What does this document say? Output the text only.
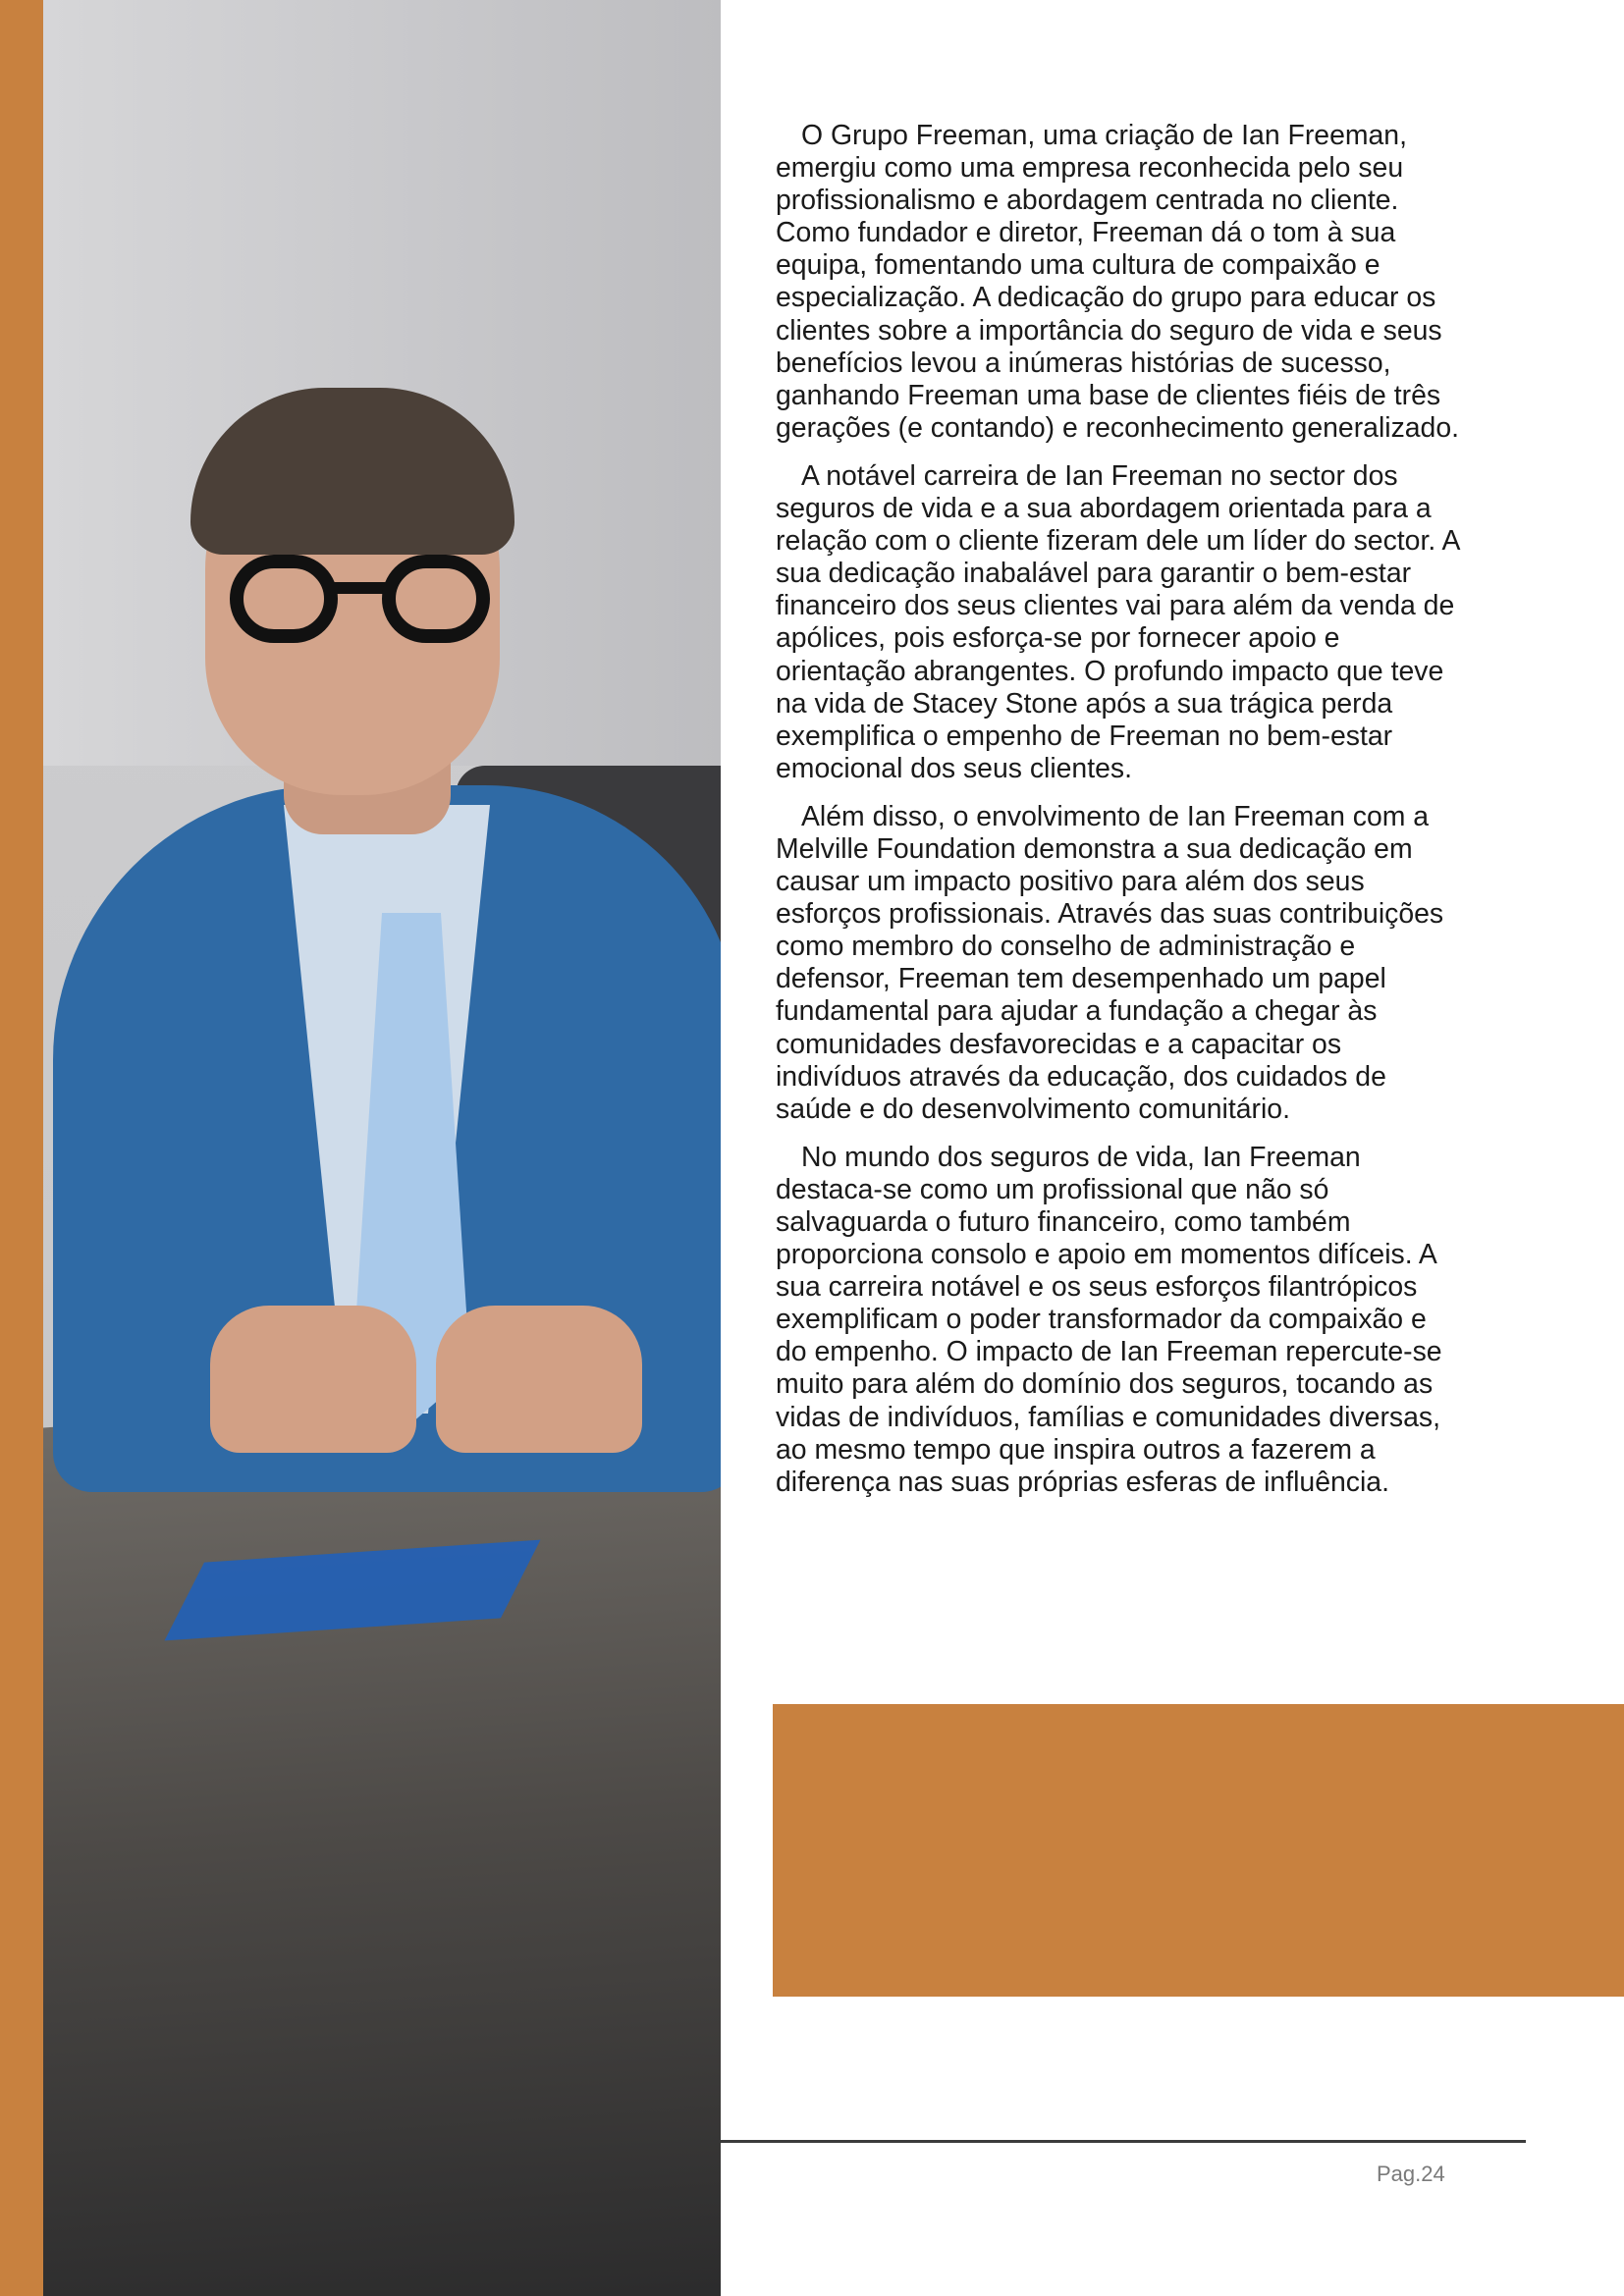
O Grupo Freeman, uma criação de Ian Freeman, emergiu como uma empresa reconhecida pelo seu profissionalismo e abordagem centrada no cliente. Como fundador e diretor, Freeman dá o tom à sua equipa, fomentando uma cultura de compaixão e especialização. A dedicação do grupo para educar os clientes sobre a importância do seguro de vida e seus benefícios levou a inúmeras histórias de sucesso, ganhando Freeman uma base de clientes fiéis de três gerações (e contando) e reconhecimento generalizado.

A notável carreira de Ian Freeman no sector dos seguros de vida e a sua abordagem orientada para a relação com o cliente fizeram dele um líder do sector. A sua dedicação inabalável para garantir o bem-estar financeiro dos seus clientes vai para além da venda de apólices, pois esforça-se por fornecer apoio e orientação abrangentes. O profundo impacto que teve na vida de Stacey Stone após a sua trágica perda exemplifica o empenho de Freeman no bem-estar emocional dos seus clientes.

Além disso, o envolvimento de Ian Freeman com a Melville Foundation demonstra a sua dedicação em causar um impacto positivo para além dos seus esforços profissionais. Através das suas contribuições como membro do conselho de administração e defensor, Freeman tem desempenhado um papel fundamental para ajudar a fundação a chegar às comunidades desfavorecidas e a capacitar os indivíduos através da educação, dos cuidados de saúde e do desenvolvimento comunitário.

No mundo dos seguros de vida, Ian Freeman destaca-se como um profissional que não só salvaguarda o futuro financeiro, como também proporciona consolo e apoio em momentos difíceis. A sua carreira notável e os seus esforços filantrópicos exemplificam o poder transformador da compaixão e do empenho. O impacto de Ian Freeman repercute-se muito para além do domínio dos seguros, tocando as vidas de indivíduos, famílias e comunidades diversas, ao mesmo tempo que inspira outros a fazerem a diferença nas suas próprias esferas de influência.

Pag.24
